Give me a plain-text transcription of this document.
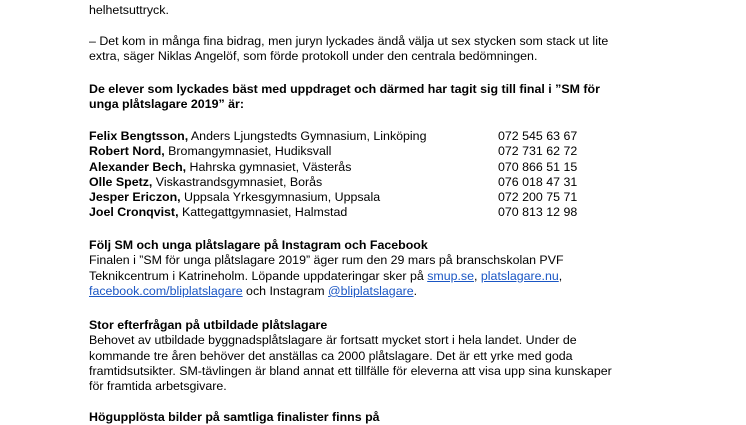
helhetsuttryck.
– Det kom in många fina bidrag, men juryn lyckades ändå välja ut sex stycken som stack ut lite
extra, säger Niklas Angelöf, som förde protokoll under den centrala bedömningen.
De elever som lyckades bäst med uppdraget och därmed har tagit sig till final i ”SM för
unga plåtslagare 2019” är:
Felix Bengtsson, Anders Ljungstedts Gymnasium, Linköping	072 545 63 67
Robert Nord, Bromangymnasiet, Hudiksvall	072 731 62 72
Alexander Bech, Hahrska gymnasiet, Västerås	070 866 51 15
Olle Spetz, Viskastrandsgymnasiet, Borås	076 018 47 31
Jesper Ericzon, Uppsala Yrkesgymnasium, Uppsala	072 200 75 71
Joel Cronqvist, Kattegattgymnasiet, Halmstad	070 813 12 98
Följ SM och unga plåtslagare på Instagram och Facebook
Finalen i ”SM för unga plåtslagare 2019” äger rum den 29 mars på branschskolan PVF
Teknikcentrum i Katrineholm. Löpande uppdateringar sker på smup.se, platslagare.nu,
facebook.com/bliplatslagare och Instagram @bliplatslagare.
Stor efterfrågan på utbildade plåtslagare
Behovet av utbildade byggnadsplåtslagare är fortsatt mycket stort i hela landet. Under de
kommande tre åren behöver det anställas ca 2000 plåtslagare. Det är ett yrke med goda
framtidsutsikter. SM-tävlingen är bland annat ett tillfälle för eleverna att visa upp sina kunskaper
för framtida arbetsgivare.
Högupplösta bilder på samtliga finalister finns på
